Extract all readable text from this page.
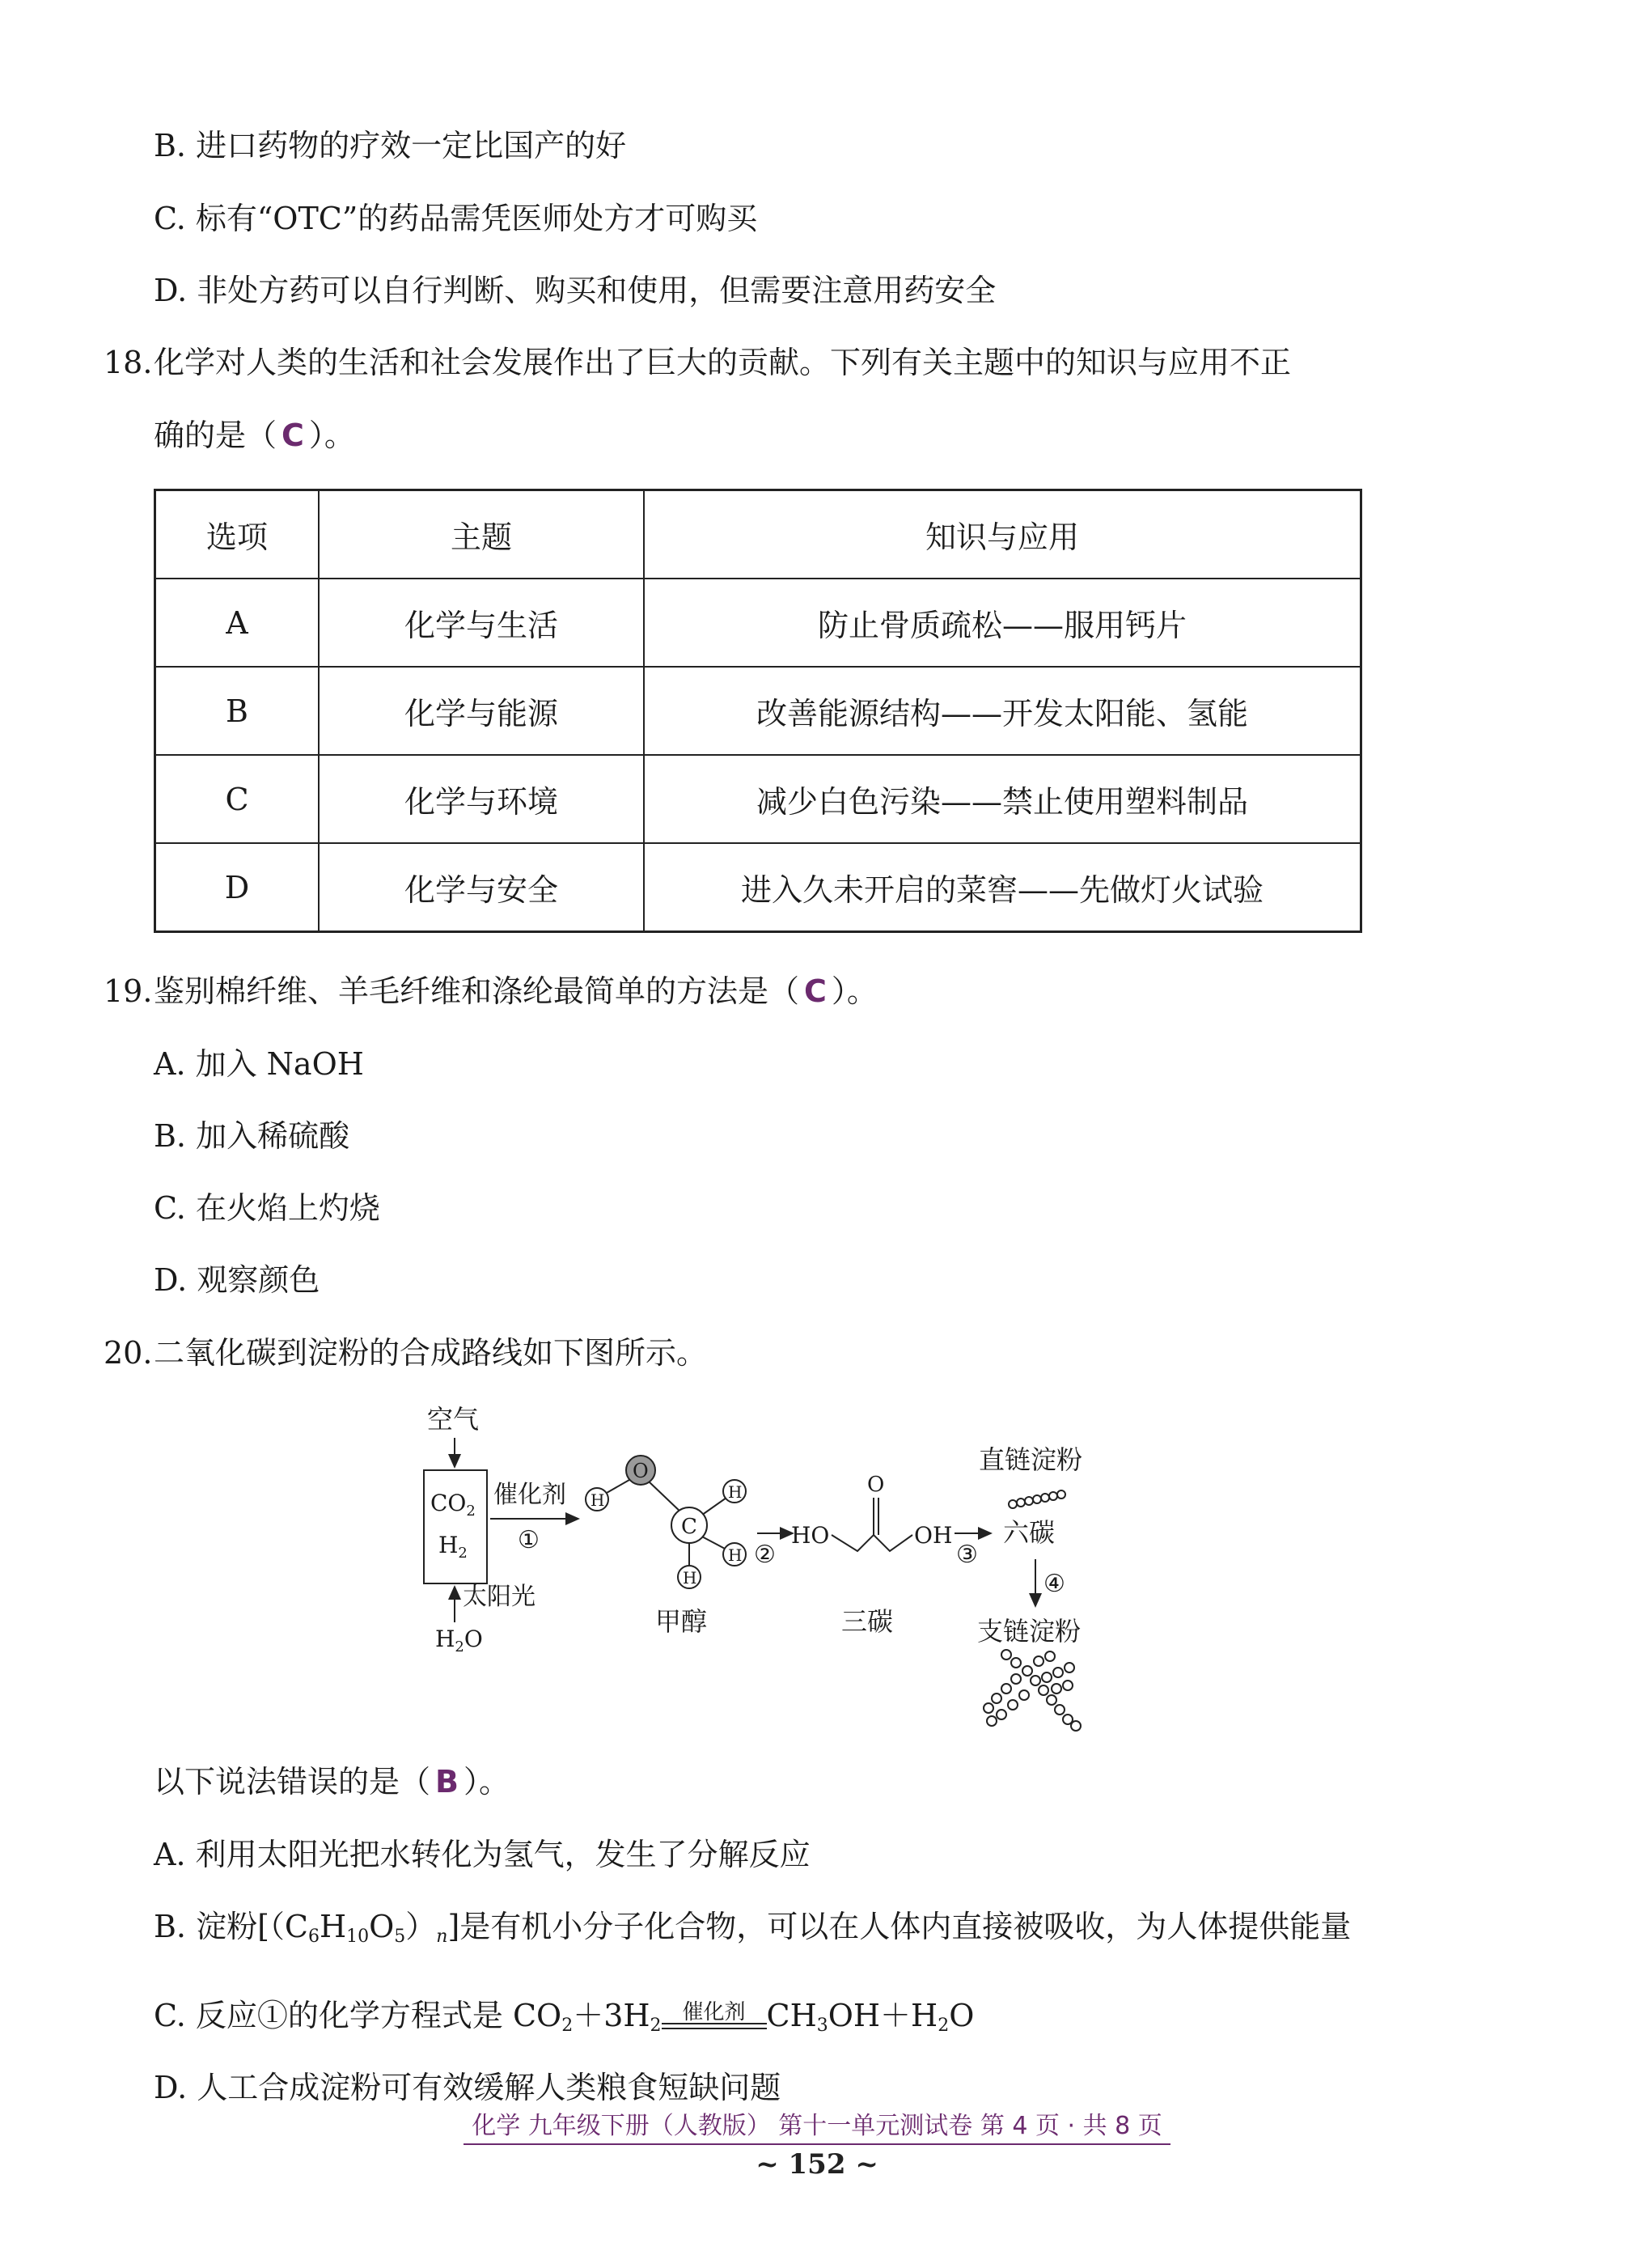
B. 进口药物的疗效一定比国产的好
C. 标有“OTC”的药品需凭医师处方才可购买
D. 非处方药可以自行判断、购买和使用，但需要注意用药安全
18. 化学对人类的生活和社会发展作出了巨大的贡献。下列有关主题中的知识与应用不正
确的是（ C ）。
选项	主题	知识与应用
A	化学与生活	防止骨质疏松——服用钙片
B	化学与能源	改善能源结构——开发太阳能、氢能
C	化学与环境	减少白色污染——禁止使用塑料制品
D	化学与安全	进入久未开启的菜窖——先做灯火试验
19. 鉴别棉纤维、羊毛纤维和涤纶最简单的方法是（ C ）。
A. 加入 NaOH
B. 加入稀硫酸
C. 在火焰上灼烧
D. 观察颜色
20. 二氧化碳到淀粉的合成路线如下图所示。
空气
$CO_2$
$H_2$
太阳光
$H_2O$
催化剂
①
H
O
C
H
H
H
甲醇
②
HO
O
OH
三碳
③
直链淀粉
六碳
④
支链淀粉
以下说法错误的是（ B ）。
A. 利用太阳光把水转化为氢气，发生了分解反应
B. 淀粉$[(C_6H_{10}O_5)_n]$是有机小分子化合物，可以在人体内直接被吸收，为人体提供能量
C. 反应①的化学方程式是 $CO_2+3H_2$
催化剂 $CH_3OH+H_2O$
D. 人工合成淀粉可有效缓解人类粮食短缺问题
化学 九年级下册（人教版） 第十一单元测试卷 第 4 页 · 共 8 页
~ 152 ~
